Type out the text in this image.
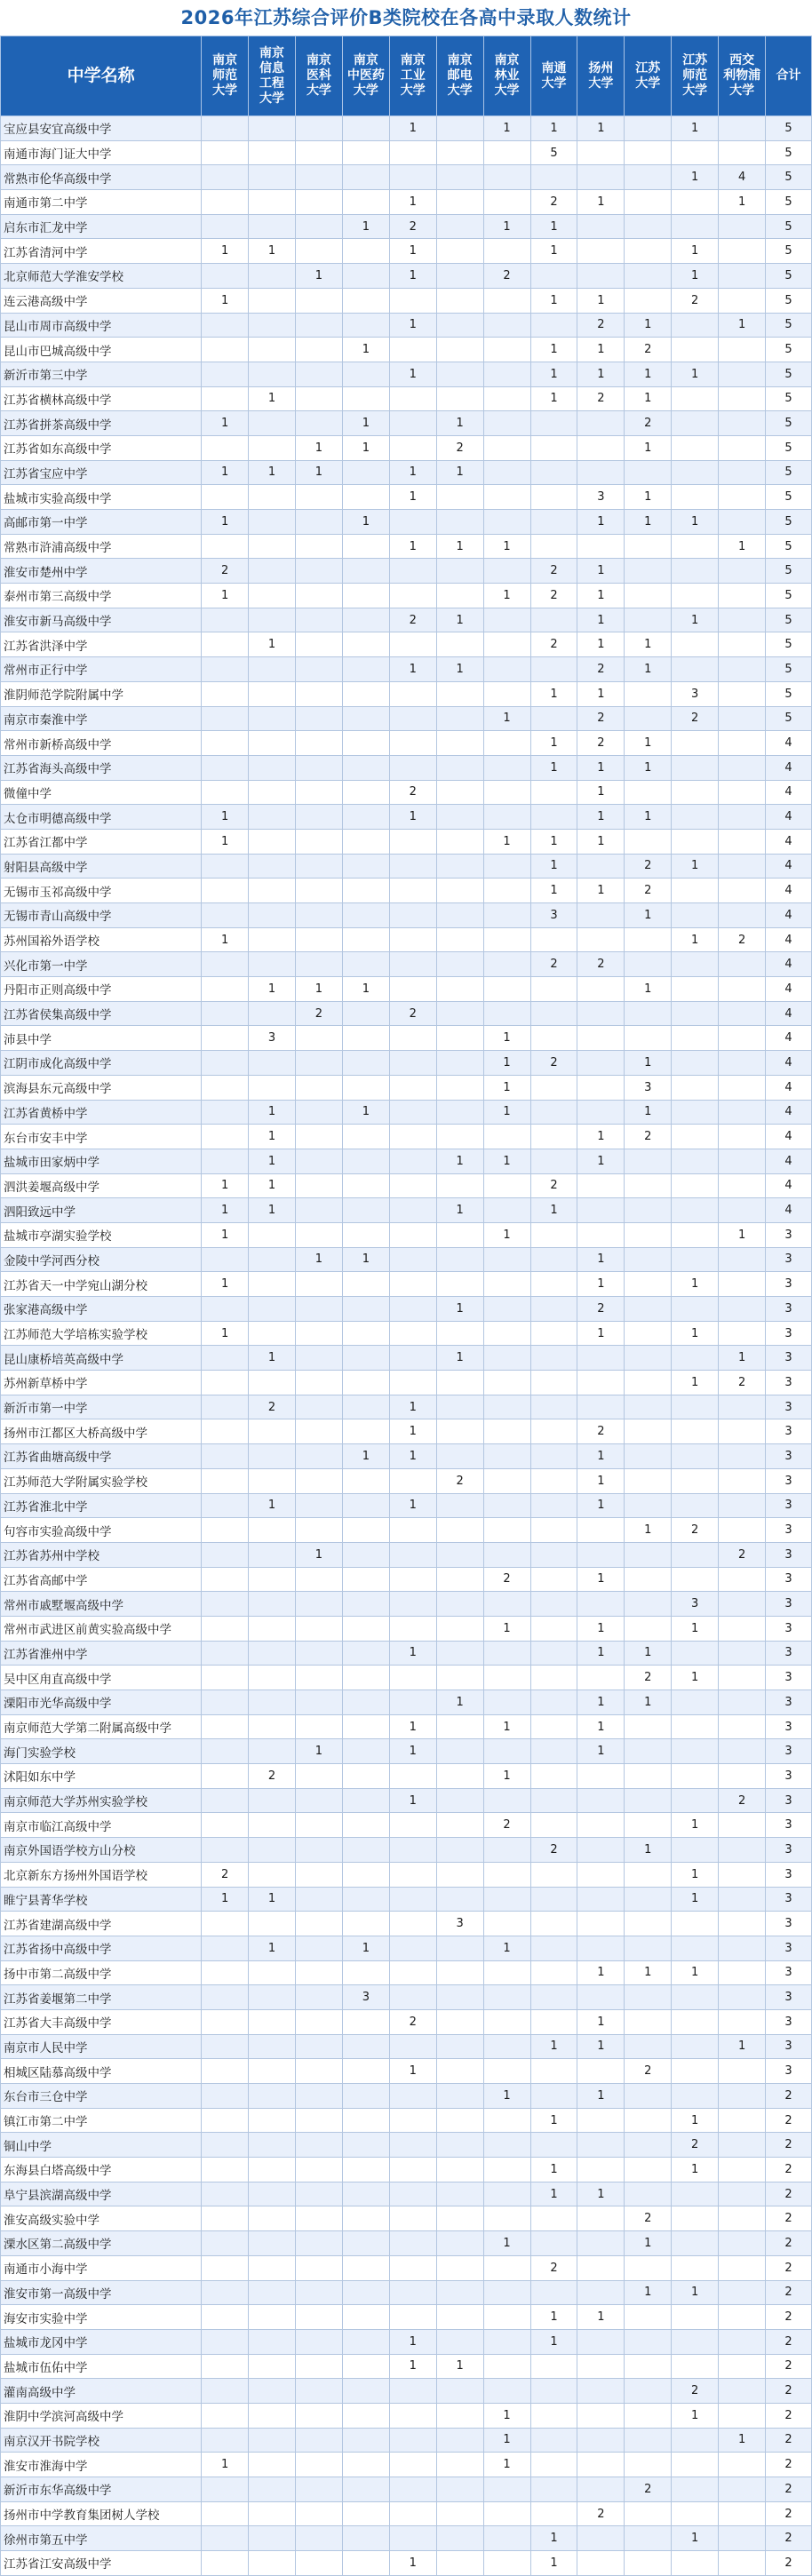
2026年江苏综合评价B类院校在各高中录取人数统计
中学名称	南京
师范
大学	南京
信息
工程
大学	南京
医科
大学	南京
中医药
大学	南京
工业
大学	南京
邮电
大学	南京
林业
大学	南通
大学	扬州
大学	江苏
大学	江苏
师范
大学	西交
利物浦
大学	合计
宝应县安宜高级中学					1		1	1	1		1		5
南通市海门证大中学								5					5
常熟市伦华高级中学											1	4	5
南通市第二中学					1			2	1			1	5
启东市汇龙中学				1	2		1	1					5
江苏省清河中学	1	1			1			1			1		5
北京师范大学淮安学校			1		1		2				1		5
连云港高级中学	1							1	1		2		5
昆山市周市高级中学					1				2	1		1	5
昆山市巴城高级中学				1				1	1	2			5
新沂市第三中学					1			1	1	1	1		5
江苏省横林高级中学		1						1	2	1			5
江苏省拼茶高级中学	1			1		1				2			5
江苏省如东高级中学			1	1		2				1			5
江苏省宝应中学	1	1	1		1	1							5
盐城市实验高级中学					1				3	1			5
高邮市第一中学	1			1					1	1	1		5
常熟市浒浦高级中学					1	1	1					1	5
淮安市楚州中学	2							2	1				5
泰州市第三高级中学	1						1	2	1				5
淮安市新马高级中学					2	1			1		1		5
江苏省洪泽中学		1						2	1	1			5
常州市正行中学					1	1			2	1			5
淮阴师范学院附属中学								1	1		3		5
南京市秦淮中学							1		2		2		5
常州市新桥高级中学								1	2	1			4
江苏省海头高级中学								1	1	1			4
微僮中学					2				1				4
太仓市明德高级中学	1				1				1	1			4
江苏省江都中学	1						1	1	1				4
射阳县高级中学								1		2	1		4
无锡市玉祁高级中学								1	1	2			4
无锡市青山高级中学								3		1			4
苏州国裕外语学校	1										1	2	4
兴化市第一中学								2	2				4
丹阳市正则高级中学		1	1	1						1			4
江苏省侯集高级中学			2		2								4
沛县中学		3					1						4
江阴市成化高级中学							1	2		1			4
滨海县东元高级中学							1			3			4
江苏省黄桥中学		1		1			1			1			4
东台市安丰中学		1							1	2			4
盐城市田家炳中学		1				1	1		1				4
泗洪姜堰高级中学	1	1						2					4
泗阳致远中学	1	1				1		1					4
盐城市亭湖实验学校	1						1					1	3
金陵中学河西分校			1	1					1				3
江苏省天一中学宛山湖分校	1								1		1		3
张家港高级中学						1			2				3
江苏师范大学培栋实验学校	1								1		1		3
昆山康桥培英高级中学		1				1						1	3
苏州新草桥中学											1	2	3
新沂市第一中学		2			1								3
扬州市江都区大桥高级中学					1				2				3
江苏省曲塘高级中学				1	1				1				3
江苏师范大学附属实验学校						2			1				3
江苏省淮北中学		1			1				1				3
句容市实验高级中学										1	2		3
江苏省苏州中学校			1									2	3
江苏省高邮中学							2		1				3
常州市戚墅堰高级中学											3		3
常州市武进区前黄实验高级中学							1		1		1		3
江苏省淮州中学					1				1	1			3
吴中区甪直高级中学										2	1		3
溧阳市光华高级中学						1			1	1			3
南京师范大学第二附属高级中学					1		1		1				3
海门实验学校			1		1				1				3
沭阳如东中学		2					1						3
南京师范大学苏州实验学校					1							2	3
南京市临江高级中学							2				1		3
南京外国语学校方山分校								2		1			3
北京新东方扬州外国语学校	2										1		3
睢宁县菁华学校	1	1									1		3
江苏省建湖高级中学						3							3
江苏省扬中高级中学		1		1			1						3
扬中市第二高级中学									1	1	1		3
江苏省姜堰第二中学				3									3
江苏省大丰高级中学					2				1				3
南京市人民中学								1	1			1	3
相城区陆慕高级中学					1					2			3
东台市三仓中学							1		1				2
镇江市第二中学								1			1		2
铜山中学											2		2
东海县白塔高级中学								1			1		2
阜宁县滨湖高级中学								1	1				2
淮安高级实验中学										2			2
溧水区第二高级中学							1			1			2
南通市小海中学								2					2
淮安市第一高级中学										1	1		2
海安市实验中学								1	1				2
盐城市龙冈中学					1			1					2
盐城市伍佑中学					1	1							2
灌南高级中学											2		2
淮阴中学滨河高级中学							1				1		2
南京汉开书院学校							1					1	2
淮安市淮海中学	1						1						2
新沂市东华高级中学										2			2
扬州市中学教育集团树人学校									2				2
徐州市第五中学								1			1		2
江苏省江安高级中学					1			1					2
